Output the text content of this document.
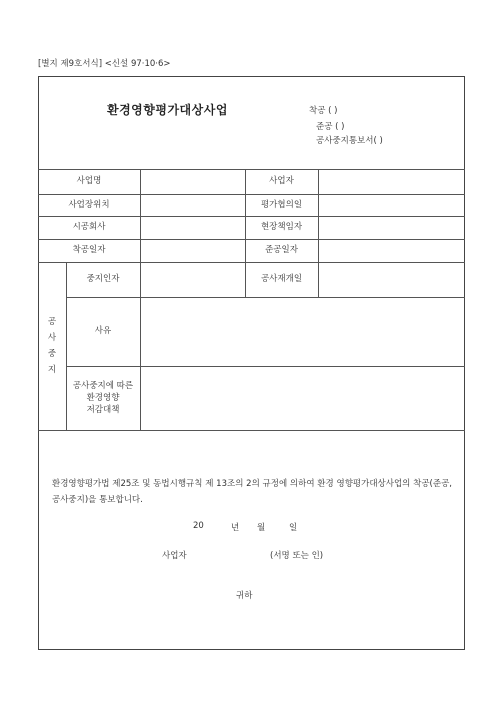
[별지 제9호서식] <신설 97·10·6>
환경영향평가대상사업	착공 ( )
준공 ( )
공사중지통보서( )
사업명	사업자
사업장위치	평가협의일
시공회사	현장책임자
착공일자	준공일자
공
사
중
지
중지인자	공사재개일
사유
공사중지에 따른
환경영향
저감대책
환경영향평가법 제25조 및 동법시행규칙 제 13조의 2의 규정에 의하여 환경 영향평가대상사업의 착공(준공, 공사중지)을 통보합니다.
20	년 월	일
사업자	(서명 또는 인)
귀하
